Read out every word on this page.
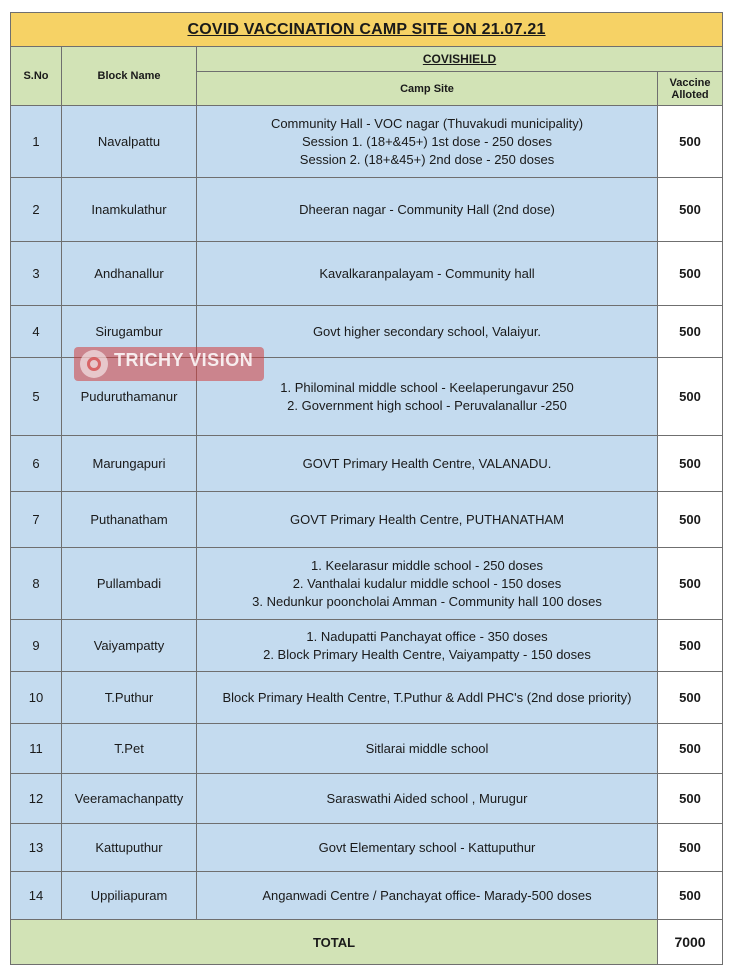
COVID VACCINATION CAMP SITE ON 21.07.21			
S.No	Block Name	COVISHIELD	
		Camp Site	Vaccine Alloted
1	Navalpattu	Community Hall - VOC nagar (Thuvakudi municipality)
Session 1. (18+&45+) 1st dose - 250 doses
Session 2. (18+&45+) 2nd dose - 250 doses	500
2	Inamkulathur	Dheeran nagar - Community Hall (2nd dose)	500
3	Andhanallur	Kavalkaranpalayam - Community hall	500
4	Sirugambur	Govt higher secondary school, Valaiyur.	500
5	Puduruthamanur	1. Philominal middle school - Keelaperungavur 250
2. Government high school - Peruvalanallur -250	500
6	Marungapuri	GOVT Primary Health Centre, VALANADU.	500
7	Puthanatham	GOVT Primary Health Centre, PUTHANATHAM	500
8	Pullambadi	1. Keelarasur middle school - 250 doses
2. Vanthalai kudalur middle school - 150 doses
3. Nedunkur pooncholai Amman - Community hall 100 doses	500
9	Vaiyampatty	1. Nadupatti Panchayat office - 350 doses
2. Block Primary Health Centre, Vaiyampatty - 150 doses	500
10	T.Puthur	Block Primary Health Centre, T.Puthur & Addl PHC's (2nd dose priority)	500
11	T.Pet	Sitlarai middle school	500
12	Veeramachanpatty	Saraswathi Aided school , Murugur	500
13	Kattuputhur	Govt Elementary school - Kattuputhur	500
14	Uppiliapuram	Anganwadi Centre / Panchayat office- Marady-500 doses	500
TOTAL			7000
TRICHY VISION
